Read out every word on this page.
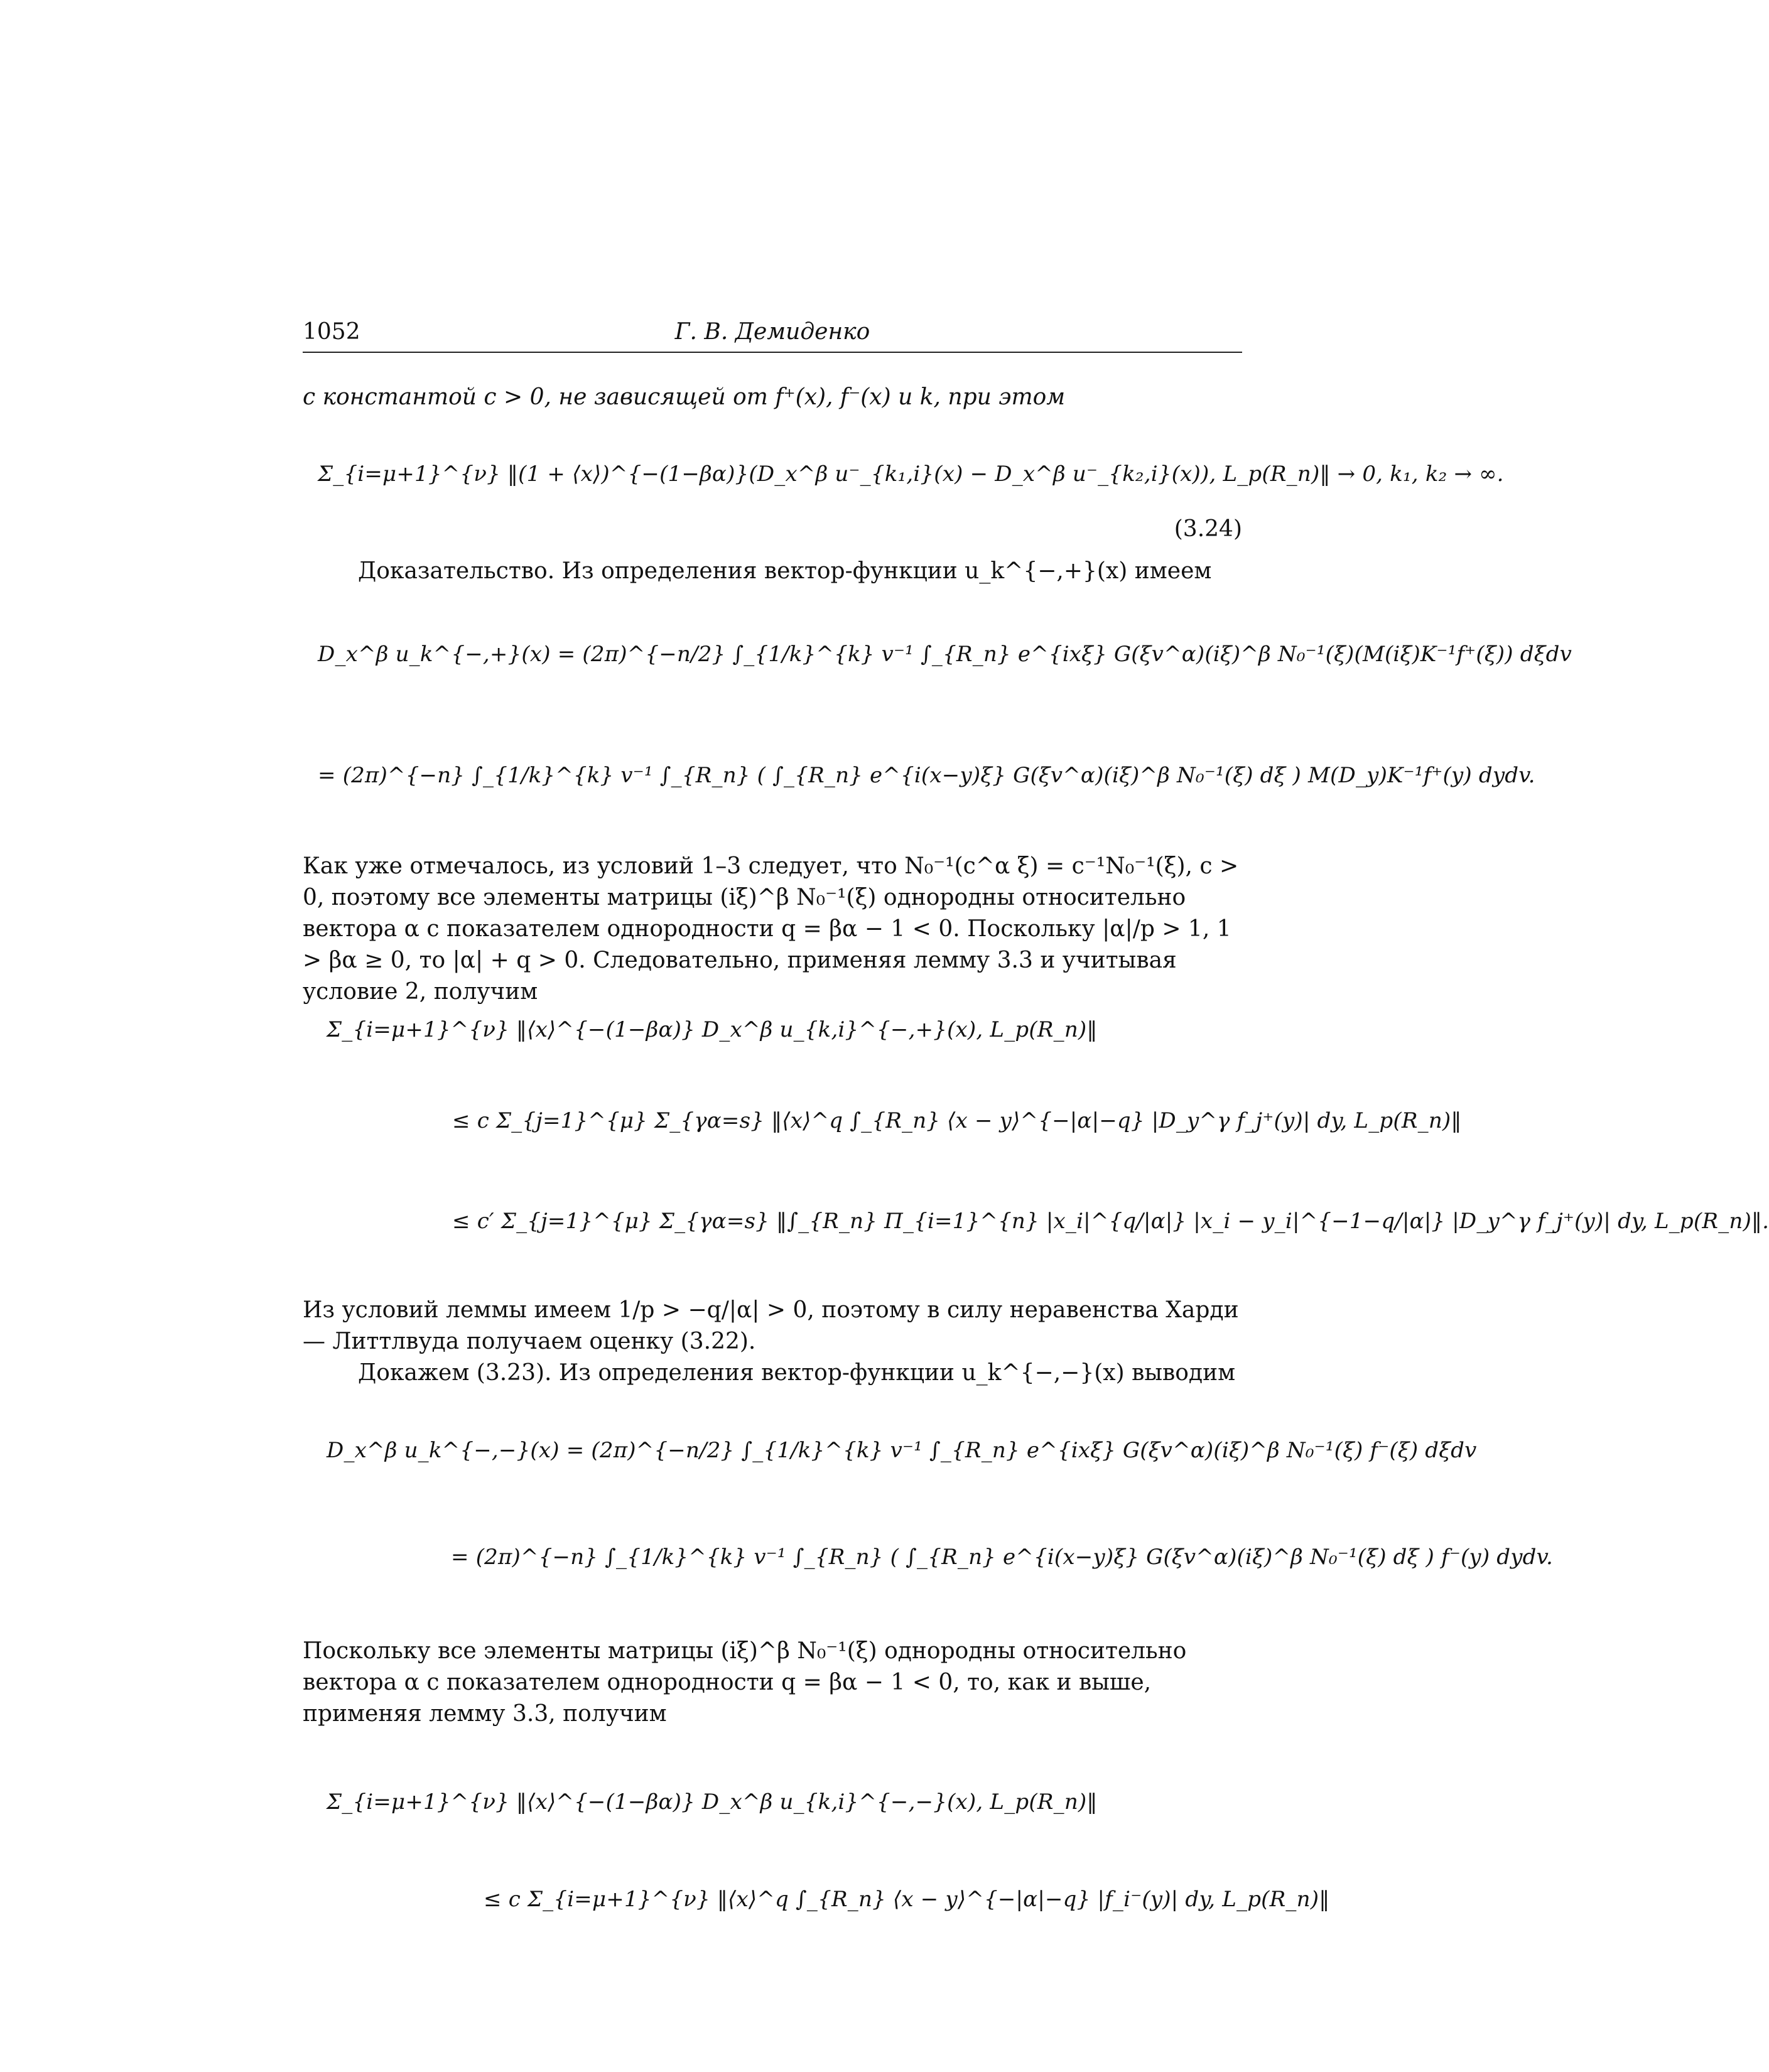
1052	Г. В. Демиденко
с константой c > 0, не зависящей от f⁺(x), f⁻(x) и k, при этом
Σ_{i=μ+1}^{ν} ‖(1 + ⟨x⟩)^{−(1−βα)}(D_x^β u⁻_{k₁,i}(x) − D_x^β u⁻_{k₂,i}(x)), L_p(R_n)‖ → 0, k₁, k₂ → ∞.
(3.24)
Доказательство. Из определения вектор-функции u_k^{−,+}(x) имеем
D_x^β u_k^{−,+}(x) = (2π)^{−n/2} ∫_{1/k}^{k} v⁻¹ ∫_{R_n} e^{ixξ} G(ξv^α)(iξ)^β N₀⁻¹(ξ)(M(iξ)K⁻¹f⁺(ξ)) dξdv
= (2π)^{−n} ∫_{1/k}^{k} v⁻¹ ∫_{R_n} ( ∫_{R_n} e^{i(x−y)ξ} G(ξv^α)(iξ)^β N₀⁻¹(ξ) dξ ) M(D_y)K⁻¹f⁺(y) dydv.
Как уже отмечалось, из условий 1–3 следует, что N₀⁻¹(c^α ξ) = c⁻¹N₀⁻¹(ξ), c > 0, поэтому все элементы матрицы (iξ)^β N₀⁻¹(ξ) однородны относительно вектора α с показателем однородности q = βα − 1 < 0. Поскольку |α|/p > 1, 1 > βα ≥ 0, то |α| + q > 0. Следовательно, применяя лемму 3.3 и учитывая условие 2, получим
Σ_{i=μ+1}^{ν} ‖⟨x⟩^{−(1−βα)} D_x^β u_{k,i}^{−,+}(x), L_p(R_n)‖
≤ c Σ_{j=1}^{μ} Σ_{γα=s} ‖⟨x⟩^q ∫_{R_n} ⟨x − y⟩^{−|α|−q} |D_y^γ f_j⁺(y)| dy, L_p(R_n)‖
≤ c′ Σ_{j=1}^{μ} Σ_{γα=s} ‖∫_{R_n} Π_{i=1}^{n} |x_i|^{q/|α|} |x_i − y_i|^{−1−q/|α|} |D_y^γ f_j⁺(y)| dy, L_p(R_n)‖.
Из условий леммы имеем 1/p > −q/|α| > 0, поэтому в силу неравенства Харди — Литтлвуда получаем оценку (3.22).
Докажем (3.23). Из определения вектор-функции u_k^{−,−}(x) выводим
D_x^β u_k^{−,−}(x) = (2π)^{−n/2} ∫_{1/k}^{k} v⁻¹ ∫_{R_n} e^{ixξ} G(ξv^α)(iξ)^β N₀⁻¹(ξ) f⁻(ξ) dξdv
= (2π)^{−n} ∫_{1/k}^{k} v⁻¹ ∫_{R_n} ( ∫_{R_n} e^{i(x−y)ξ} G(ξv^α)(iξ)^β N₀⁻¹(ξ) dξ ) f⁻(y) dydv.
Поскольку все элементы матрицы (iξ)^β N₀⁻¹(ξ) однородны относительно вектора α с показателем однородности q = βα − 1 < 0, то, как и выше, применяя лемму 3.3, получим
Σ_{i=μ+1}^{ν} ‖⟨x⟩^{−(1−βα)} D_x^β u_{k,i}^{−,−}(x), L_p(R_n)‖
≤ c Σ_{i=μ+1}^{ν} ‖⟨x⟩^q ∫_{R_n} ⟨x − y⟩^{−|α|−q} |f_i⁻(y)| dy, L_p(R_n)‖
